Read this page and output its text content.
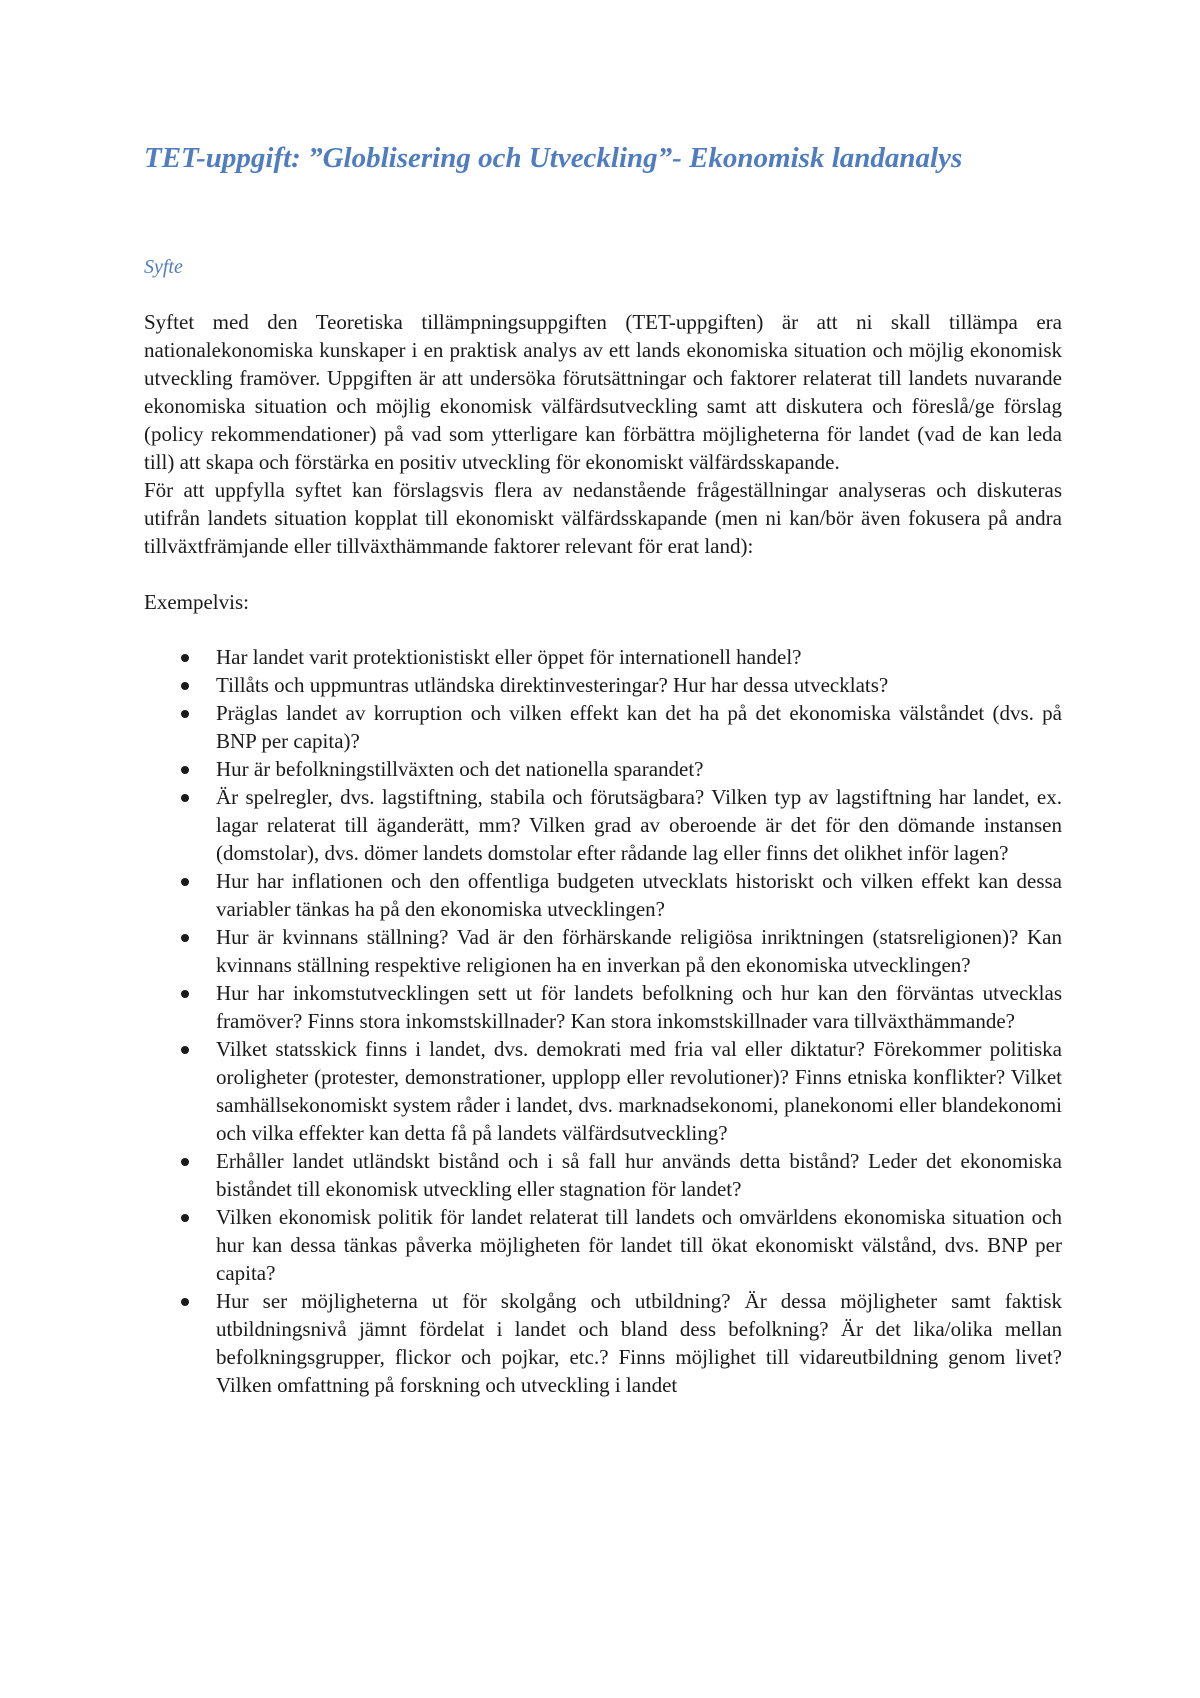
TET-uppgift: ”Globlisering och Utveckling”- Ekonomisk landanalys
Syfte

Syftet med den Teoretiska tillämpningsuppgiften (TET-uppgiften) är att ni skall tillämpa era nationalekonomiska kunskaper i en praktisk analys av ett lands ekonomiska situation och möjlig ekonomisk utveckling framöver. Uppgiften är att undersöka förutsättningar och faktorer relaterat till landets nuvarande ekonomiska situation och möjlig ekonomisk välfärdsutveckling samt att diskutera och föreslå/ge förslag (policy rekommendationer) på vad som ytterligare kan förbättra möjligheterna för landet (vad de kan leda till) att skapa och förstärka en positiv utveckling för ekonomiskt välfärdsskapande.

För att uppfylla syftet kan förslagsvis flera av nedanstående frågeställningar analyseras och diskuteras utifrån landets situation kopplat till ekonomiskt välfärdsskapande (men ni kan/bör även fokusera på andra tillväxtfrämjande eller tillväxthämmande faktorer relevant för erat land):

Exempelvis:

Har landet varit protektionistiskt eller öppet för internationell handel?
Tillåts och uppmuntras utländska direktinvesteringar? Hur har dessa utvecklats?
Präglas landet av korruption och vilken effekt kan det ha på det ekonomiska välståndet (dvs. på BNP per capita)?
Hur är befolkningstillväxten och det nationella sparandet?
Är spelregler, dvs. lagstiftning, stabila och förutsägbara? Vilken typ av lagstiftning har landet, ex. lagar relaterat till äganderätt, mm? Vilken grad av oberoende är det för den dömande instansen (domstolar), dvs. dömer landets domstolar efter rådande lag eller finns det olikhet inför lagen?
Hur har inflationen och den offentliga budgeten utvecklats historiskt och vilken effekt kan dessa variabler tänkas ha på den ekonomiska utvecklingen?
Hur är kvinnans ställning? Vad är den förhärskande religiösa inriktningen (statsreligionen)? Kan kvinnans ställning respektive religionen ha en inverkan på den ekonomiska utvecklingen?
Hur har inkomstutvecklingen sett ut för landets befolkning och hur kan den förväntas utvecklas framöver? Finns stora inkomstskillnader? Kan stora inkomstskillnader vara tillväxthämmande?
Vilket statsskick finns i landet, dvs. demokrati med fria val eller diktatur? Förekommer politiska oroligheter (protester, demonstrationer, upplopp eller revolutioner)? Finns etniska konflikter? Vilket samhällsekonomiskt system råder i landet, dvs. marknadsekonomi, planekonomi eller blandekonomi och vilka effekter kan detta få på landets välfärdsutveckling?
Erhåller landet utländskt bistånd och i så fall hur används detta bistånd? Leder det ekonomiska biståndet till ekonomisk utveckling eller stagnation för landet?
Vilken ekonomisk politik för landet relaterat till landets och omvärldens ekonomiska situation och hur kan dessa tänkas påverka möjligheten för landet till ökat ekonomiskt välstånd, dvs. BNP per capita?
Hur ser möjligheterna ut för skolgång och utbildning? Är dessa möjligheter samt faktisk utbildningsnivå jämnt fördelat i landet och bland dess befolkning? Är det lika/olika mellan befolkningsgrupper, flickor och pojkar, etc.? Finns möjlighet till vidareutbildning genom livet? Vilken omfattning på forskning och utveckling i landet
